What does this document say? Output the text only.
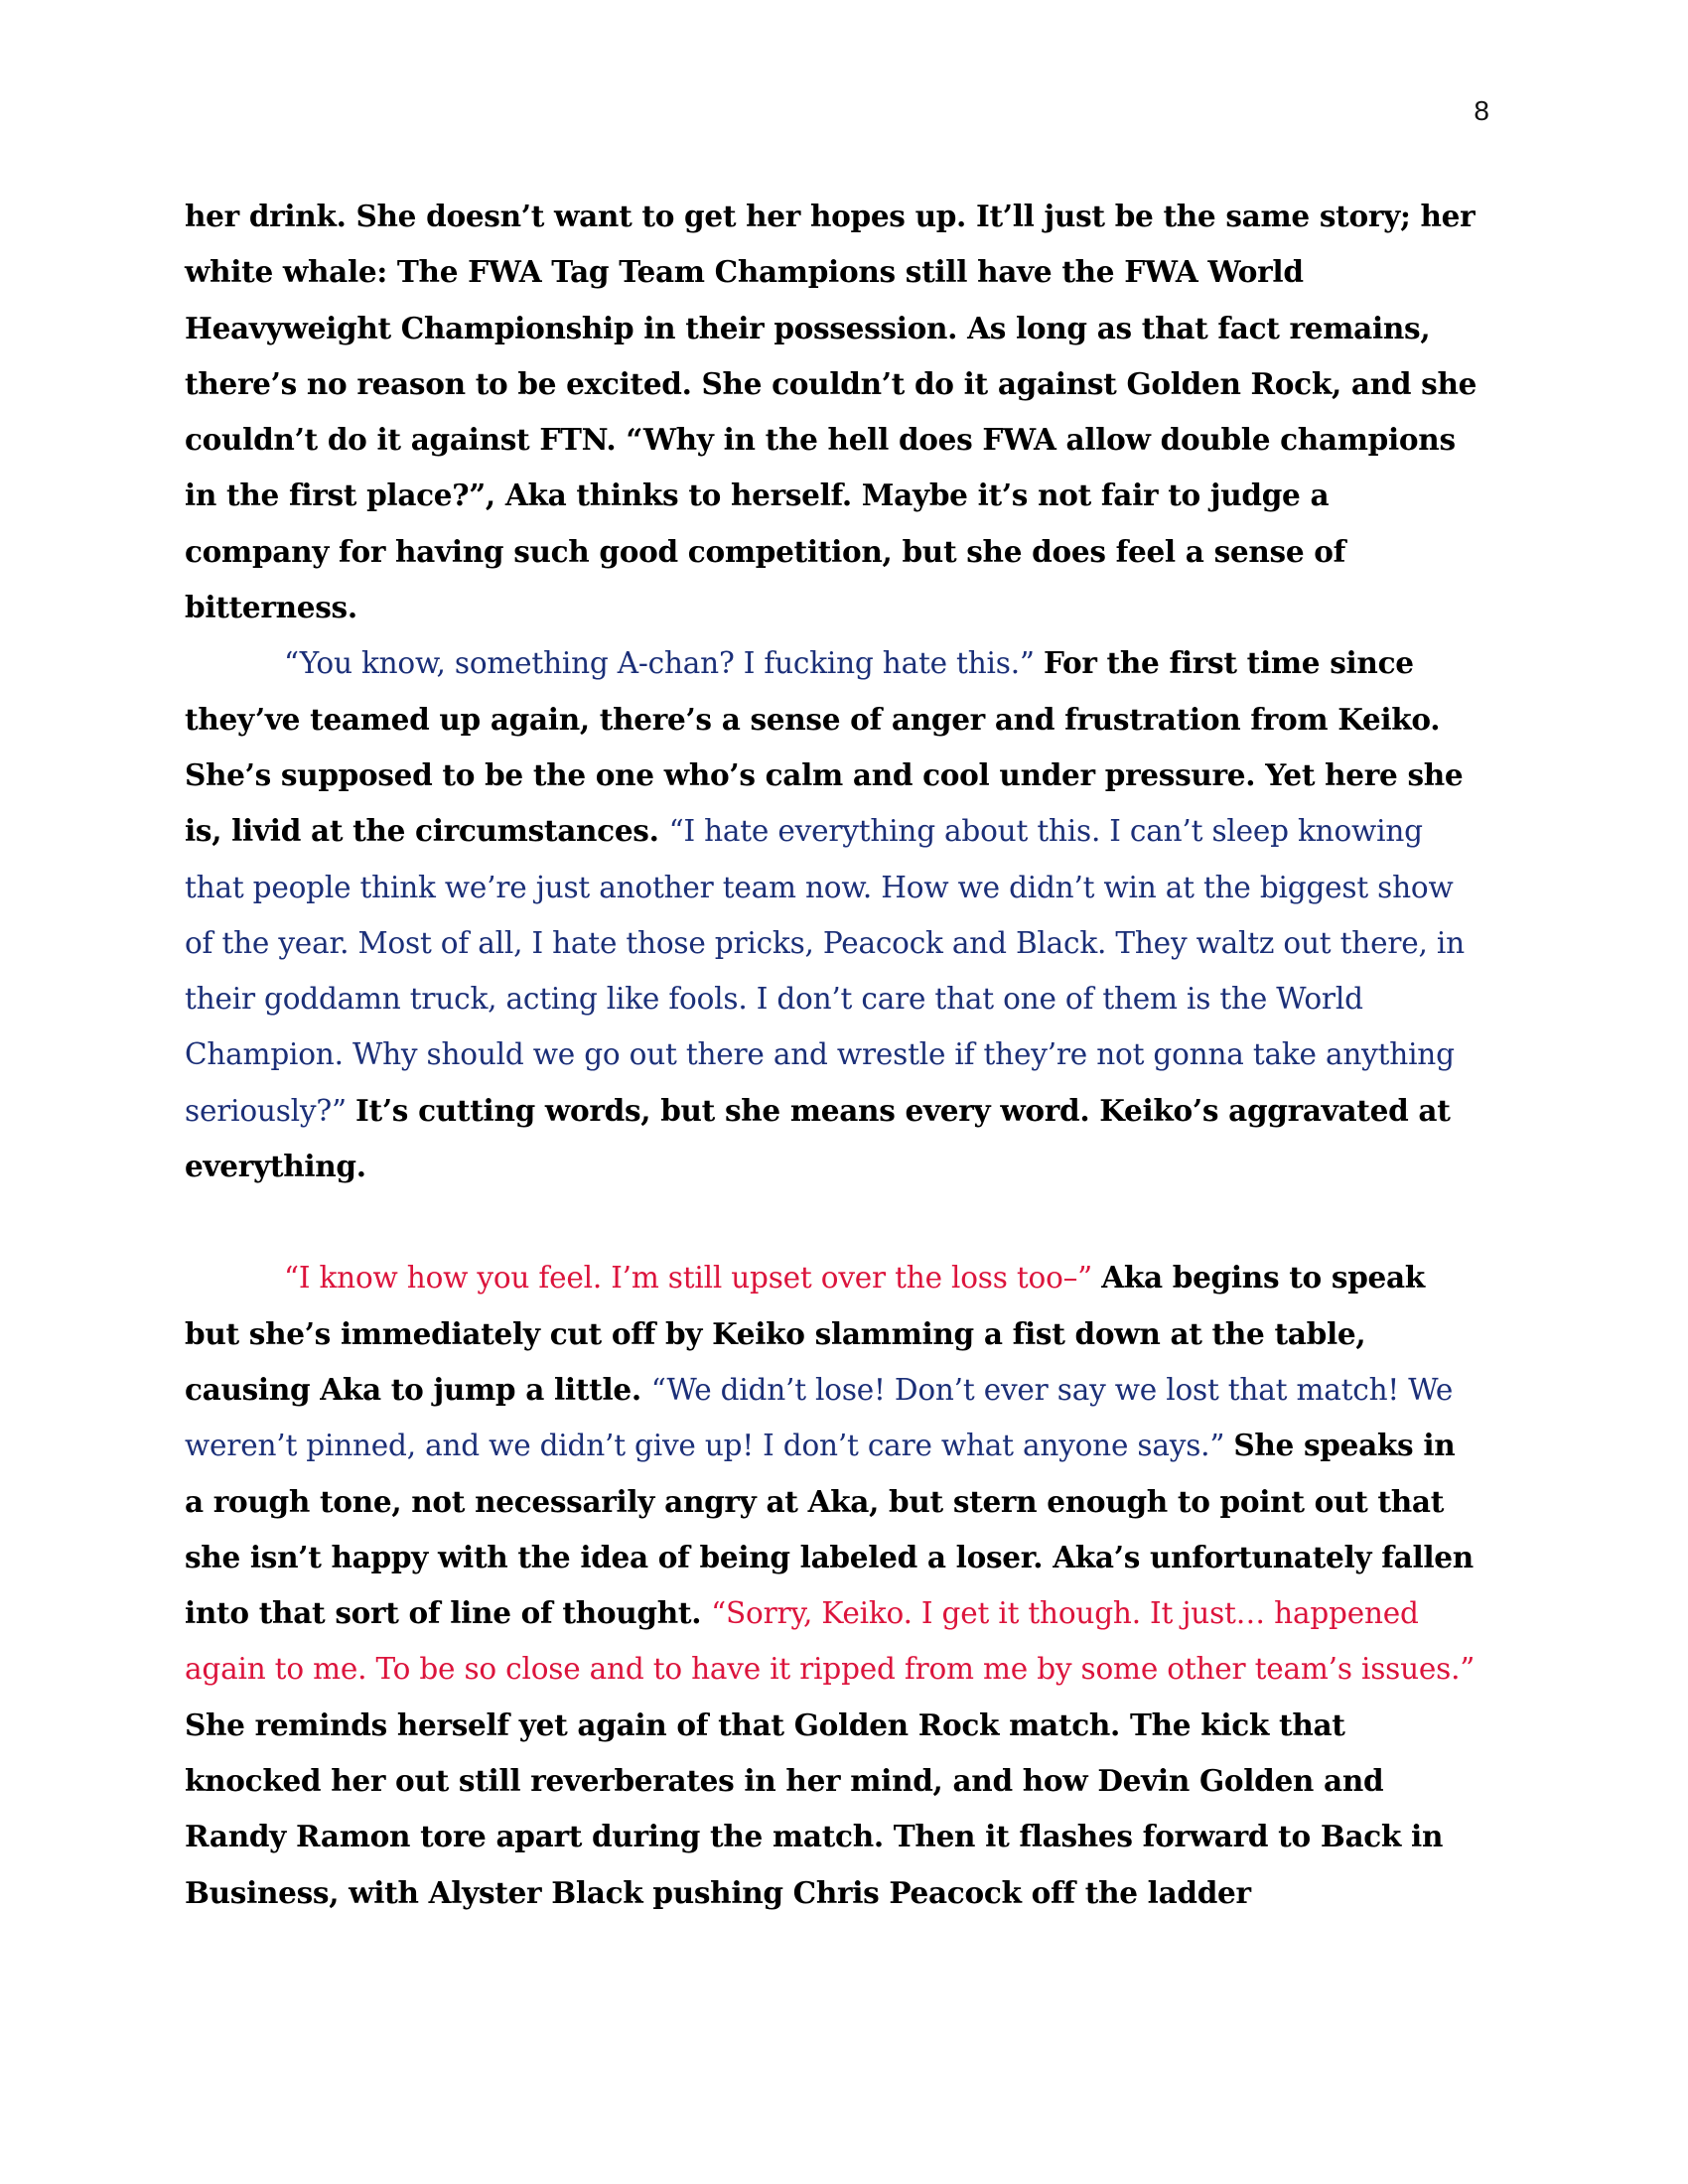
8

her drink. She doesn’t want to get her hopes up. It’ll just be the same story; her white whale: The FWA Tag Team Champions still have the FWA World Heavyweight Championship in their possession. As long as that fact remains, there’s no reason to be excited. She couldn’t do it against Golden Rock, and she couldn’t do it against FTN. “Why in the hell does FWA allow double champions in the first place?”, Aka thinks to herself. Maybe it’s not fair to judge a company for having such good competition, but she does feel a sense of bitterness.

“You know, something A-chan? I fucking hate this.” For the first time since they’ve teamed up again, there’s a sense of anger and frustration from Keiko. She’s supposed to be the one who’s calm and cool under pressure. Yet here she is, livid at the circumstances. “I hate everything about this. I can’t sleep knowing that people think we’re just another team now. How we didn’t win at the biggest show of the year. Most of all, I hate those pricks, Peacock and Black. They waltz out there, in their goddamn truck, acting like fools. I don’t care that one of them is the World Champion. Why should we go out there and wrestle if they’re not gonna take anything seriously?” It’s cutting words, but she means every word. Keiko’s aggravated at everything.

“I know how you feel. I’m still upset over the loss too–” Aka begins to speak but she’s immediately cut off by Keiko slamming a fist down at the table, causing Aka to jump a little. “We didn’t lose! Don’t ever say we lost that match! We weren’t pinned, and we didn’t give up! I don’t care what anyone says.” She speaks in a rough tone, not necessarily angry at Aka, but stern enough to point out that she isn’t happy with the idea of being labeled a loser. Aka’s unfortunately fallen into that sort of line of thought. “Sorry, Keiko. I get it though. It just… happened again to me. To be so close and to have it ripped from me by some other team’s issues.” She reminds herself yet again of that Golden Rock match. The kick that knocked her out still reverberates in her mind, and how Devin Golden and Randy Ramon tore apart during the match. Then it flashes forward to Back in Business, with Alyster Black pushing Chris Peacock off the ladder
